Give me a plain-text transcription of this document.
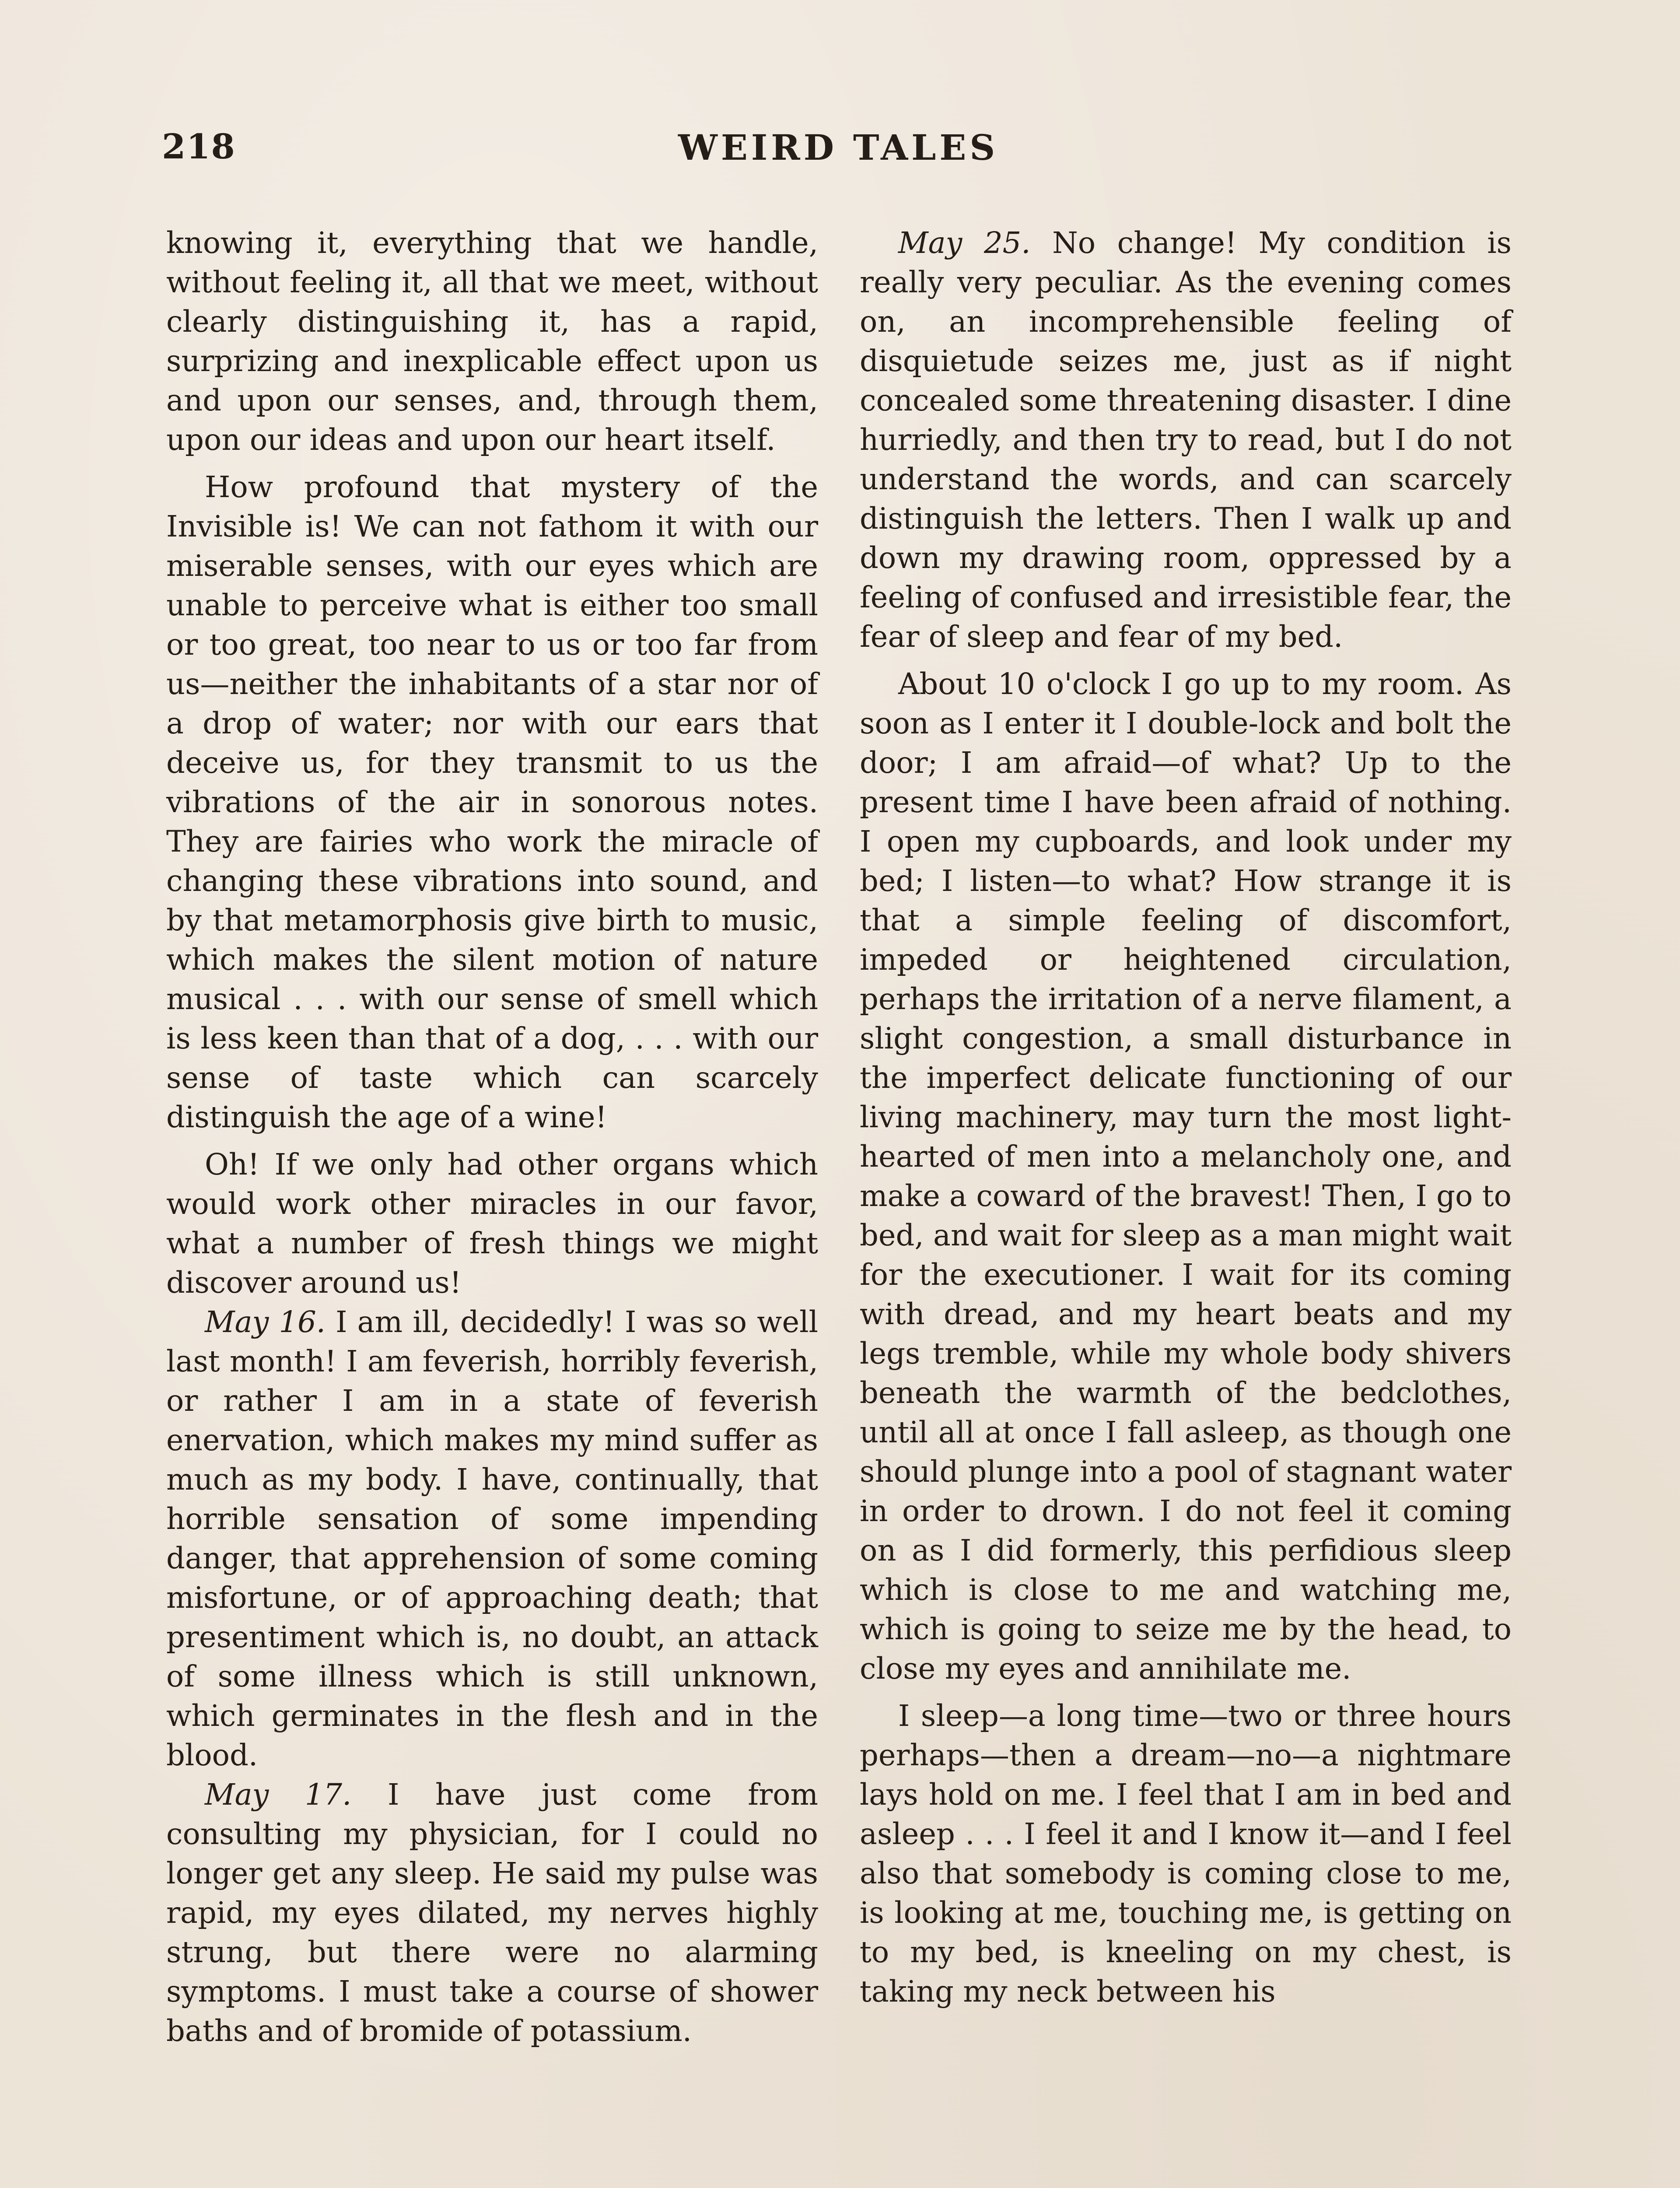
218	WEIRD TALES

knowing it, everything that we handle, without feeling it, all that we meet, without clearly distinguishing it, has a rapid, surprizing and inexplicable effect upon us and upon our senses, and, through them, upon our ideas and upon our heart itself.

How profound that mystery of the Invisible is! We can not fathom it with our miserable senses, with our eyes which are unable to perceive what is either too small or too great, too near to us or too far from us—neither the inhabitants of a star nor of a drop of water; nor with our ears that deceive us, for they transmit to us the vibrations of the air in sonorous notes. They are fairies who work the miracle of changing these vibrations into sound, and by that metamorphosis give birth to music, which makes the silent motion of nature musical . . . with our sense of smell which is less keen than that of a dog, . . . with our sense of taste which can scarcely distinguish the age of a wine!

Oh! If we only had other organs which would work other miracles in our favor, what a number of fresh things we might discover around us!

May 16. I am ill, decidedly! I was so well last month! I am feverish, horribly feverish, or rather I am in a state of feverish enervation, which makes my mind suffer as much as my body. I have, continually, that horrible sensation of some impending danger, that apprehension of some coming misfortune, or of approaching death; that presentiment which is, no doubt, an attack of some illness which is still unknown, which germinates in the flesh and in the blood.

May 17. I have just come from consulting my physician, for I could no longer get any sleep. He said my pulse was rapid, my eyes dilated, my nerves highly strung, but there were no alarming symptoms. I must take a course of shower baths and of bromide of potassium.

May 25. No change! My condition is really very peculiar. As the evening comes on, an incomprehensible feeling of disquietude seizes me, just as if night concealed some threatening disaster. I dine hurriedly, and then try to read, but I do not understand the words, and can scarcely distinguish the letters. Then I walk up and down my drawing room, oppressed by a feeling of confused and irresistible fear, the fear of sleep and fear of my bed.

About 10 o'clock I go up to my room. As soon as I enter it I double-lock and bolt the door; I am afraid—of what? Up to the present time I have been afraid of nothing. I open my cupboards, and look under my bed; I listen—to what? How strange it is that a simple feeling of discomfort, impeded or heightened circulation, perhaps the irritation of a nerve filament, a slight congestion, a small disturbance in the imperfect delicate functioning of our living machinery, may turn the most light-hearted of men into a melancholy one, and make a coward of the bravest! Then, I go to bed, and wait for sleep as a man might wait for the executioner. I wait for its coming with dread, and my heart beats and my legs tremble, while my whole body shivers beneath the warmth of the bedclothes, until all at once I fall asleep, as though one should plunge into a pool of stagnant water in order to drown. I do not feel it coming on as I did formerly, this perfidious sleep which is close to me and watching me, which is going to seize me by the head, to close my eyes and annihilate me.

I sleep—a long time—two or three hours perhaps—then a dream—no—a nightmare lays hold on me. I feel that I am in bed and asleep . . . I feel it and I know it—and I feel also that somebody is coming close to me, is looking at me, touching me, is getting on to my bed, is kneeling on my chest, is taking my neck between his
